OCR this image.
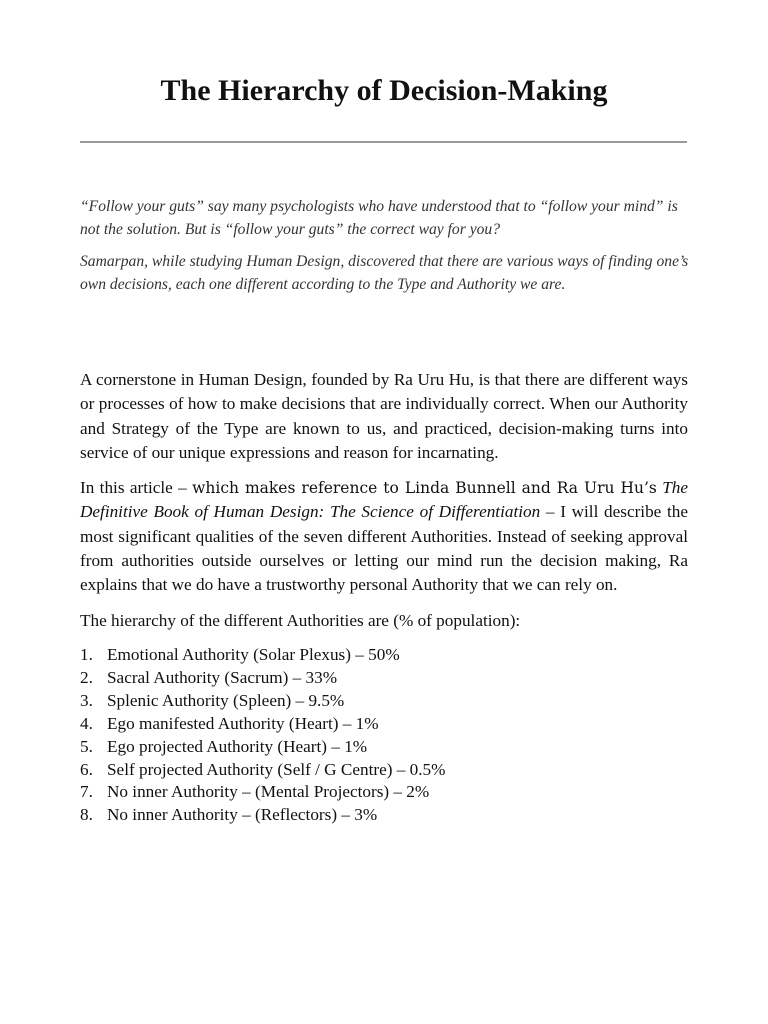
The Hierarchy of Decision-Making

“Follow your guts” say many psychologists who have understood that to “follow your mind” is not the solution. But is “follow your guts” the correct way for you?

Samarpan, while studying Human Design, discovered that there are various ways of finding one’s own decisions, each one different according to the Type and Authority we are.

A cornerstone in Human Design, founded by Ra Uru Hu, is that there are different ways or processes of how to make decisions that are individually correct. When our Authority and Strategy of the Type are known to us, and practiced, decision-making turns into service of our unique expressions and reason for incarnating.

In this article – which makes reference to Linda Bunnell and Ra Uru Hu’s The Definitive Book of Human Design: The Science of Differentiation – I will describe the most significant qualities of the seven different Authorities. Instead of seeking approval from authorities outside ourselves or letting our mind run the decision making, Ra explains that we do have a trustworthy personal Authority that we can rely on.

The hierarchy of the different Authorities are (% of population):

1. Emotional Authority (Solar Plexus) – 50%
2. Sacral Authority (Sacrum) – 33%
3. Splenic Authority (Spleen) – 9.5%
4. Ego manifested Authority (Heart) – 1%
5. Ego projected Authority (Heart) – 1%
6. Self projected Authority (Self / G Centre) – 0.5%
7. No inner Authority – (Mental Projectors) – 2%
8. No inner Authority – (Reflectors) – 3%
